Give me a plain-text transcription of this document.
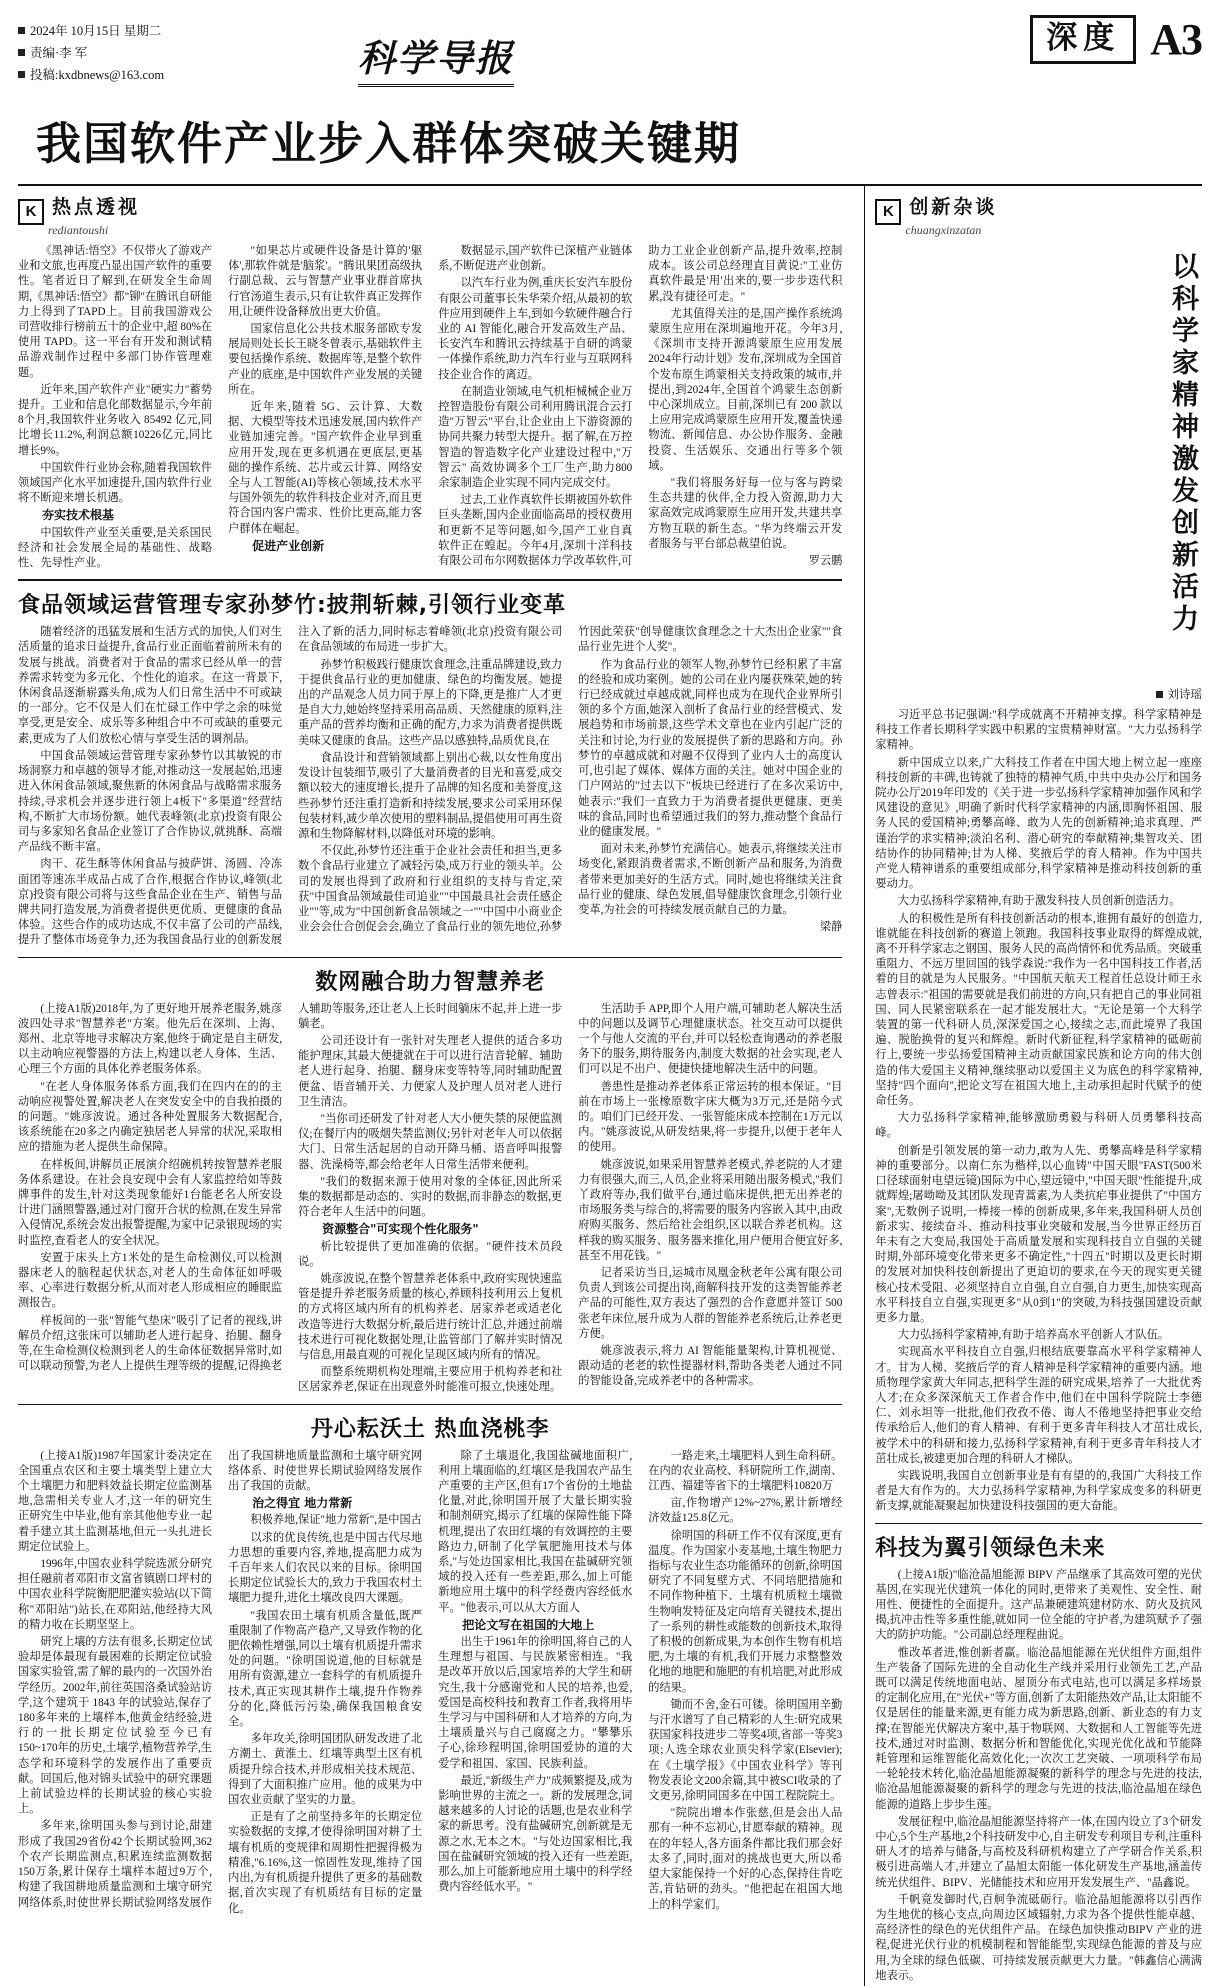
2024年 10月15日 星期二
责编·李 军
投稿:kxdbnews@163.com	科学导报	深度 A3
我国软件产业步入群体突破关键期
K 热点透视
rediantoushi

《黑神话:悟空》不仅带火了游戏产业和文旅,也再度凸显出国产软件的重要性。笔者近日了解到,在研发全生命周期,《黑神话:悟空》都"铆"在腾讯自研能力上得到了TAPD上。目前我国游戏公司营收排行榜前五十的企业中,超 80%在使用 TAPD。这一平台有开发和测试精品游戏制作过程中多部门协作管理难题。

近年来,国产软件产业"硬实力"蓄势提升。工业和信息化部数据显示,今年前8个月,我国软件业务收入 85492 亿元,同比增长11.2%,利润总额10226亿元,同比增长9%。

中国软件行业协会称,随着我国软件领域国产化水平加速提升,国内软件行业将不断迎来增长机遇。

夯实技术根基

中国软件产业至关重要,是关系国民经济和社会发展全局的基础性、战略性、先导性产业。

"如果芯片或硬件设备是计算的'躯体',那软件就是'脑浆'。"腾讯果团高级执行副总裁、云与智慧产业事业群首席执行官汤道生表示,只有让软件真正发挥作用,让硬件设备释放出更大价值。

国家信息化公共技术服务部欧专发展局则处长长王晓冬曾表示,基础软件主要包括操作系统、数据库等,是整个软件产业的底座,是中国软件产业发展的关键所在。

近年来,随着 5G、云计算、大数据、大模型等技术迅速发展,国内软件产业链加速完善。"国产软件企业早到重应用开发,现在更多机遇在更底层,更基础的操作系统、芯片或云计算、网络安全与人工智能(AI)等核心领域,技术水平与国外领先的软件科技企业对齐,而且更符合国内客户需求、性价比更高,能力客户群体在崛起。

促进产业创新

数据显示,国产软件已深植产业链体系,不断促进产业创新。

以汽车行业为例,重庆长安汽车股份有限公司董事长朱华荣介绍,从最初的软件应用到硬件上车,到如今软硬件融合行业的 AI 智能化,融合开发高效生产品、长安汽车和腾讯云持续基于自研的鸿蒙一体操作系统,助力汽车行业与互联网科技企业合作的离迈。

在制造业领域,电气机柜械械企业万控智造股份有限公司利用腾讯混合云打造"万智云"平台,让企业由上下游资源的协同共聚力转型大提升。据了解,在万控智造的智造数字化产业建设过程中,"万智云" 高效协调多个工厂生产,助力800余家制造企业实现不同内完成交付。

过去,工业作真软件长期被国外软件巨头垄断,国内企业面临高昂的授权费用和更新不足等问题,如今,国产工业自真软件正在蝗起。今年4月,深圳十洋科技有限公司布尔网数据体力学改革软件,可助力工业企业创新产品,提升效率,控制成本。该公司总经理直目黄说:"工业仿真软件最是'用'出来的,要一步步迭代积累,没有捷径可走。"

尤其值得关注的是,国产操作系统鸿蒙原生应用在深圳遍地开花。今年3月,《深圳市支持开源鸿蒙原生应用发展2024年行动计划》发布,深圳成为全国首个发布原生鸿蒙相关支持政策的城市,并提出,到2024年,全国首个鸿蒙生态创新中心深圳成立。目前,深圳已有 200 款以上应用完成鸿蒙原生应用开发,覆盖快递物流、新闻信息、办公协作服务、金融投资、生活娱乐、交通出行等多个领域。

"我们将服务好每一位与客与跨梁生态共建的伙伴,全力投入资源,助力大家高效完成鸿蒙原生应用开发,共建共享方物互联的新生态。"华为终端云开发者服务与平台部总裁望伯说。

罗云鹏

食品领域运营管理专家孙梦竹:披荆斩棘,引领行业变革

随着经济的迅猛发展和生活方式的加快,人们对生活质量的追求日益提升,食品行业正面临着前所未有的发展与挑战。消费者对于食品的需求已经从单一的营养需求转变为多元化、个性化的追求。在这一背景下,休闲食品逐渐崭露头角,成为人们日常生活中不可或缺的一部分。它不仅是人们在忙碌工作中学之余的味觉享受,更是安全、成乐等多种组合中不可或缺的重要元素,更成为了人们放松心情与享受生活的调剂品。

中国食品领域运营管理专家孙梦竹以其敏锐的市场洞察力和卓越的领导才能,对推动这一发展起始,迅速进入休闲食品领域,聚焦新的休闲食品与战略需求服务持续,寻求机会并逐步进行领上4板下"多渠道"经营结构,不断扩大市场份额。她代表峰领(北京)投资有限公司与多家知名食品企业签订了合作协议,就挑酥、高端产品线不断丰富。

肉干、花生酥等休闲食品与披萨饼、汤圆、冷冻面团等速冻半成品占成了合作,根据合作协议,峰领(北京)投资有限公司将与这些食品企业在生产、销售与品牌共同打造发展,为消费者提供更优质、更健康的食品体验。这些合作的成功达成,不仅丰富了公司的产品线,提升了整体市场竞争力,还为我国食品行业的创新发展注入了新的活力,同时标志着峰领(北京)投资有限公司在食品领域的布局进一步扩大。

孙梦竹积极践行健康饮食理念,注重品牌建设,致力于提供食品行业的更加健康、绿色的均衡发展。她提出的产品观念人员力同于厚上的下降,更是推广人才更是自大力,她始终坚持采用高品质、天然健康的原料,注重产品的营养均衡和正确的配方,力求为消费者提供既美味又健康的食品。这些产品以感独特,品质优良,在

食品设计和营销领域都上别出心裁,以女性角度出发设计包装细节,吸引了大量消费者的目光和喜爱,成交额以较大的速度增长,提升了品牌的知名度和美誉度,这些孙梦竹还注重打造新和持续发展,要求公司采用环保包装材料,减少单次使用的塑料制品,提倡使用可再生资源和生物降解材料,以降低对环境的影响。

不仅此,孙梦竹还注重于企业社会责任和担当,更多数个食品行业建立了减轻污染,成万行业的领头羊。公司的发展也得到了政府和行业组织的支持与肯定,荣获"中国食品领域最佳司追业""中国最具社会责任感企业""等,成为"中国创新食品领域之一""中国中小商业企业会会仕合创促会会,确立了食品行业的领先地位,孙梦竹因此荣获"创导健康饮食理念之十大杰出企业家""食品行业先进个人奖"。

作为食品行业的领军人物,孙梦竹已经积累了丰富的经验和成功案例。她的公司在业内屡获殊荣,她的转行已经成就过卓越成就,同样也成为在现代企业界所引领的多个方面,她深入剖析了食品行业的经营模式、发展趋势和市场前景,这些学术文章也在业内引起广泛的关注和讨论,为行业的发展提供了新的思路和方向。孙梦竹的卓越成就和对融不仅得到了业内人士的高度认可,也引起了媒体、媒体方面的关注。她对中国企业的门户网站的"过去以下"板块已经进行了在多次采访中,她表示:"我们一直致力于为消费者提供更健康、更美味的食品,同时也希望通过我们的努力,推动整个食品行业的健康发展。"

面对未来,孙梦竹充满信心。她表示,将继续关注市场变化,紧跟消费者需求,不断创新产品和服务,为消费者带来更加美好的生活方式。同时,她也将继续关注食品行业的健康、绿色发展,倡导健康饮食理念,引领行业变革,为社会的可持续发展贡献自己的力量。

梁静

数网融合助力智慧养老

(上接A1版)2018年,为了更好地开展养老服务,姚彦波四处寻求"智慧养老"方案。他先后在深圳、上海、郑州、北京等地寻求解决方案,他终于确定是自主研发,以主动响应视警器的方法上,构建以老人身体、生活、心理三个方面的具体化养老服务体系。

"在老人身体服务体系方面,我们在四内在的的主动响应视警处置,解决老人在突发安全中的自我拍摄的的问题。"姚彦波说。通过各种处置服务大数据配合,该系统能在20多之内确定独居老人异常的状况,采取相应的措施为老人提供生命保障。

在样板间,讲解员正展演介绍碗机转按智慧养老服务体系建设。在社会良安现中会有人家监控给如等鼓牌事件的发生,针对这类现象能好1台能老名人所安设计进门涵照警器,通过对门窗开合状的检测,在发生异常入侵情况,系统会发出报警提醒,为家中记录银现场的实时监控,查看老人的安全状况。

安置于床头上方1米处的是生命检测仪,可以检测器床老人的脑程起伏状态,对老人的生命体征如呼吸率、心率进行数据分析,从而对老人形成相应的睡眠监测报告。

样板间的一张"智能气垫床"吸引了记者的视线,讲解员介绍,这张床可以辅助老人进行起身、抬腿、翻身等,在生命检测仪检测到老人的生命体征数据异常时,如可以联动预警,为老人上提供生理等级的提醒,记得换老人辅助等服务,还让老人上长时间躺床不起,并上进一步躺老。

公司还设计有一张针对失理老人提供的适合多功能护理床,其最大便捷就在于可以进行洁音轮解、辅助老人进行起身、抬腿、翻身床变等特等,同时辅助配置便盆、语音辅开关、力便家人及护理人员对老人进行卫生清洁。

"当你司还研发了针对老人大小便失禁的尿便监测仪;在餐厅内的吸烟失禁监测仪;另针对老年人可以依据大门、日常生活起居的自动开降马桶、语音呼叫报警器、洗澡椅等,都会给老年人日常生活带来便利。

"我们的数据来源于使用对象的全体征,因此所采集的数据都是动态的、实时的数据,而非静态的数据,更符合老年人生活中的问题。

资源整合"可实现个性化服务"

析比较提供了更加准确的依据。"硬件技术员段说。

姚彦波说,在整个智慧养老体系中,政府实现快速监管是提升养老服务质量的核心,养顾科技利用云上复机的方式将区域内所有的机构养老、居家养老或适老化改造等进行大数据分析,最后进行统计汇总,并通过前端技术进行可视化数据处理,让监管部门了解并实时情况与信息,用最直观的可视化呈现区域内所有的情况。

而整系统期机构处理端,主要应用于机构养老和社区居家养老,保证在出现意外时能准可报立,快速处理。

生活助手 APP,即个人用户端,可辅助老人解决生活中的问题以及调节心理健康状态。社交互动可以提供一个与他人交流的平台,并可以轻松查询遇动的养老服务下的服务,期待服务内,制度大数据的社会实现,老人们可以足不出户、便捷快捷地解决生活中的问题。

善患性是推动养老体系正常运转的根本保证。"目前在市场上一张橡原数字床大概为3万元,还是陪今式的。咱们门已经开发、一张智能床成本控制在1万元以内。"姚彦波说,从研发结果,将一步提升,以便于老年人的使用。

姚彦波说,如果采用智慧养老模式,养老院的人才建力有很强大,而三,人员,企业将采用随出服务模式,"我们丫政府等办,我们做平台,通过临床提供,把无出养老的市场服务类与综合的,将需要的服务内容嵌入其中,由政府购买服务、然后给社会组织,区以联合养老机构。这样我的购买服务、服务器来推化,用户便用合便宜好多,甚至不用花钱。"

记者采访当日,运城市凤凰金秋老年公寓有限公司负责人到该公司提出岗,商解科技开发的这类智能养老产品的可能性,双方表达了强烈的合作意愿并签订 500 张老年床位,展升成为人群的智能养老系统后,让养老更方便。

姚彦波表示,将力 AI 智能能量架构,计算机视觉、跟动适的老老的软性提器材料,帮助各类老人通过不同的智能设备,完成养老中的各种需求。

丹心耘沃土 热血浇桃李

(上接A1版)1987年国家计委决定在全国重点农区和主要土壤类型上建立大个土壤肥力和肥料效益长期定位监测基地,急需相关专业人才,这一年的研究生正研究生中毕业,他有亲其他他专业一起着手建立其土监测基地,但元一头扎进长期定位试验上。

1996年,中国农业科学院选派分研究担任融前者邓阳市文富省镇剧口坪村的中国农业科学院衡肥肥灌实验站(以下简称"邓阳站")站长,在邓阳站,他经持大风的精力收在长期坚坚上。

研究上壤的方法有很多,长期定位试验却是体最现有最困难的长期定位试验 国家实验管,需了解的最内的一次国外治学经历。2002年,前往英国洛桑试验站访学,这个建筑于 1843 年的试验站,保存了180多年来的上壤样本,他黄金结经验,进行的一批长期定位试验至今已有150~170年的历史,土壤学,植物营养学,生态学和环境科学的发展作出了重要贡献。回国后,他对锦头试验中的研究课题上前试验边样的长期试验的核心实验上。

多年来,徐明国头参与到讨论,甜建形成了我国29省份42个长期试验网,362个农产长期监测点,积累连续监测数据150万条,累计保存土壤样本超过9万个,构建了我国耕地质量监测和土壤守研究网络体系,时使世界长期试验网络发展作出了我国耕地质量监测和土壤守研究网络体系、时使世界长期试验网络发展作出了我国的贡献。

治之得宜 地力常新

积极养地,保证"地力常新",是中国古

以求的优良传统,也是中国古代尽地力思想的重要内容,养地,提高肥力成为千百年来人们农民以来的目标。徐明国长期定位试验长大的,致力于我国农村土壤肥力提升,进化土壤改良四大课题。

"我国农田土壤有机质含量低,既严重限制了作物高产稳产,又导致作物的化肥依赖性增强,同以土壤有机质提升需求处的问题。"徐明国说道,他的目标就是用所有资源,建立一套科学的有机质提升技术,真正实现其耕作土壤,提升作物养分的化,降低污污染,确保我国粮食安全。

多年攻关,徐明国团队研发改进了北方潮土、黄淮土、红壤等典型土区有机质提升综合技术,并形成相关技术规范、得到了大面积推广应用。他的成果为中国农业贡献了坚实的力量。

正是有了之前坚持多年的长期定位实验数据的支撑,才使得徐明国对耕了土壤有机质的变规律和周期性把握得极为精准,"6.16%,这一惊固性发现,维持了国内出,为有机质提升提供了更多的基础数据,首次实现了有机质结有目标的定量化。

除了土壤退化,我国盐碱地面积广,利用上壤面临的,红壤区是我国农产品生产重要的主产区,但有17个省份的土地盐化量,对此,徐明国开展了大量长期实验和制剂研究,揭示了红壤的保障性能下降机理,提出了农田红壤的有效调控的主要路边力,研制了化学氧肥施用技术与体系,"与处边国家相比,我国在盐碱研究领域的投入还有一些差距,那么,加上可能新地应用土壤中的科学经费内容经低水平。"他表示,可以从大方面人

把论文写在祖国的大地上

出生于1961年的徐明国,将自己的人生理想与祖国、与民族紧密相连。"我是改革开放以后,国家培养的大学生和研究生,我十分感谢党和人民的培养,也爱,爱国是高校科技和教育工作者,我将用毕生学习与中国科研和人才培养的方向,为土壤质量兴与自己腐腐之力。"攀攀乐子心,徐珍程明国,徐明国爱协的道的大爱学和祖国、家国、民族利益。

最近,"新级生产力"成频繁提及,成为影响世界的主流之一。新的发展理念,词越来越多的人讨论的话题,也是农业科学家的新思考。没有盐碱研究,创新就是无源之水,无本之木。"与处边国家相比,我国在盐碱研究领域的投入还有一些差距,那么,加上可能新地应用土壤中的科学经费内容经低水平。"

一路走来,土壤肥料人到生命科研。在内的农业高校、科研院所工作,湖南、江西、福建等省下的土壤肥料10820万

亩,作物增产12%~27%,累计新增经济效益125.8亿元。

徐明国的科研工作不仅有深度,更有温度。作为国家小麦基地,土壤生物肥力指标与农业生态功能循环的创新,徐明国研究了不同复壁方式、不同培肥措施和不同作物种植下、土壤有机质粒土壤微生物响发特征及定向培育关键技术,提出了一系列的耕性或能数的创新技术,取得了积极的创新成果,为本创作生物有机培肥,为土壤的有机,我们开展力求整整效化地的地肥和施肥的有机培肥,对此形成的结果。

锄而不舍,金石可镂。徐明国用辛勤与汗水谱写了自己精彩的人生:研究成果获国家科技进步二等奖4项,省部一等奖3项;人选全球农业顶尖科学家(Elsevier);在《土壤学报》《中国农业科学》等刊物发表论文200余篇,其中被SCI收录的了文更另,徐明同国多在中国工程院院土。

"院院出增本作张慈,但是会出人品那有一种不忘初心,甘愿奉献的精神。现在的年轻人,各方面条件都比我们那会好太多了,同时,面对的挑战也更大,所以希望大家能保持一个好的心态,保持住肯吃苦,肯钻研的劲头。"他把起在祖国大地上的科学家们。

K 创新杂谈
chuangxinzatan
以科学家精神激发创新活力
刘诗瑶

习近平总书记强调:"科学成就离不开精神支撑。科学家精神是科技工作者长期科学实践中积累的宝贵精神财富。"大力弘扬科学家精神。

新中国成立以来,广大科技工作者在中国大地上树立起一座座科技创新的丰碑,也铸就了独特的精神气质,中共中央办公厅和国务院办公厅2019年印发的《关于进一步弘扬科学家精神加强作风和学风建设的意见》,明确了新时代科学家精神的内涵,即胸怀祖国、服务人民的爱国精神;勇攀高峰、敢为人先的创新精神;追求真理、严谨治学的求实精神;淡泊名利、潜心研究的奉献精神;集智攻关、团结协作的协同精神;甘为人梯、奖掖后学的育人精神。作为中国共产党人精神谱系的重要组成部分,科学家精神是推动科技创新的重要动力。

大力弘扬科学家精神,有助于激发科技人员创新创造活力。

人的积极性是所有科技创新活动的根本,谁拥有最好的创造力,谁就能在科技创新的赛道上领跑。我国科技事业取得的辉煌成就,离不开科学家志之钢国、服务人民的高尚情怀和优秀品质。突破重重阻力、不远万里回国的钱学森说:"我作为一名中国科技工作者,活着的目的就是为人民服务。"中国航天航天工程首任总设计师王永志曾表示:"祖国的需要就是我们前进的方向,只有把自己的事业同祖国、同人民紧密联系在一起才能发展壮大。"无论是第一个大科学装置的第一代科研人员,深深爱国之心,接续之志,而此境界了我国遍、脱胎换骨的复兴和辉煌。新时代新征程,科学家精神的砥砺前行上,要统一步弘扬爱国精神主动贡献国家民族和论方向的伟大创造的伟大爱国主义精神,继续驱动以爱国主义为底色的科学家精神,坚持"四个面向",把论文写在祖国大地上,主动承担起时代赋予的使命任务。

大力弘扬科学家精神,能够激励勇毅与科研人员勇攀科技高峰。

创新是引领发展的第一动力,敢为人先、勇攀高峰是科学家精神的重要部分。以南仁东为楷样,以心血铸"中国天眼"FAST(500米口径球面射电望远镜)国际为中心,望远镜中,"中国天眼"性能提升,成就辉煌;屠呦呦及其团队发现青蒿素,为人类抗疟事业提供了"中国方案",无数例子说明,一棒接一棒的创新成果,多年来,我国科研人员创新求实、接续奋斗、推动科技事业突破和发展,当今世界正经历百年未有之大变局,我国处于高质量发展和实现科技自立自强的关键时期,外部环境变化带来更多不确定性,"十四五"时期以及更长时期的发展对加快科技创新提出了更迫切的要求,在今天的现实更关键核心技术受阻、必须坚持自立自强,自立自强,自力更生,加快实现高水平科技自立自强,实现更多"从0到1"的突破,为科技强国建设贡献更多力量。

大力弘扬科学家精神,有助于培养高水平创新人才队伍。

实现高水平科技自立自强,归根结底要靠高水平科学家精神人才。甘为人梯、奖掖后学的育人精神是科学家精神的重要内涵。地质物理学家黄大年同志,把科学生涯的研究成果,培养了一大批优秀人才;在众多深深航天工作者合作中,他们在中国科学院院士李德仁、刘永坦等一批批,他们孜孜不倦、诲人不倦地坚持把事业交给传承给后人,他们的育人精神、有利于更多青年科技人才茁壮成长,被学术中的科研和接力,弘扬科学家精神,有利于更多青年科技人才茁壮成长,被建更加合理的科研人才梯队。

实践说明,我国自立创新事业是有有望的的,我国广大科技工作者是大有作为的。大力弘扬科学家精神,为科学家成变多的科研更新支撑,就能凝聚起加快建设科技强国的更大奋能。

科技为翼引领绿色未来

(上接A1版)"临沧晶旭能源 BIPV 产品继承了其高效可塑的光伏基因,在实现光伏建筑一体化的同时,更带来了美观性、安全性、耐用性、便捷性的全面提升。这产品兼硬建筑建材防水、防火及抗风揭,抗冲击性等多重性能,就如同一位全能的守护者,为建筑赋予了强大的防护功能。"公司副总经理程曲说。

惟改革者进,惟创新者赢。临沧晶旭能源在光伏组件方面,组件生产装备了国际先进的全自动化生产线并采用行业领先工艺,产品既可以满足传统地面电站、屋顶分布式电站,也可以满足多样场景的定制化应用,在"光伏+"等方面,创新了太阳能热效产品,让太阳能不仅是居住的能量来源,更有能力成为新思路,创新、新业态的有力支撑;在智能光伏解决方案中,基于物联网、大数据和人工智能等先进技术,通过对时监测、数据分析和智能优化,实现光优化战和节能降耗管理和运维智能化高效化化;一次次工艺突破、一项项科学布局一轮轮技术转化,临沧晶旭能源凝聚的新科学的理念与先进的技法,临沧晶旭能源凝聚的新科学的理念与先进的技法,临沧晶旭在绿色能源的道路上步步生莲。

发展征程中,临沧晶旭能源坚持将产一体,在国内设立了3个研发中心,5个生产基地,2个科技研发中心,自主研发专利项目专利,注重科研人才的培养与储备,与高校及科研机构建立了产学研合作关系,积极引进高端人才,并建立了晶旭太阳能一体化研发生产基地,涵盖传统光伏组件、BIPV、光储能技术和应用开发发展生产、"晶鑫说。

千帆竟发御时代,百舸争流砥砺行。临沧晶旭能源将以引西作为生地优的核心支点,向周边区域辐射,力求为各个提供性能卓越、高经济性的绿色的光伏组件产品。在绿色加快推动BIPV 产业的进程,促进光伏行业的机模制程和智能能型,实现绿色能源的普及与应用,为全球的绿色低碳、可持续发展贡献更大力量。"韩鑫信心满满地表示。
